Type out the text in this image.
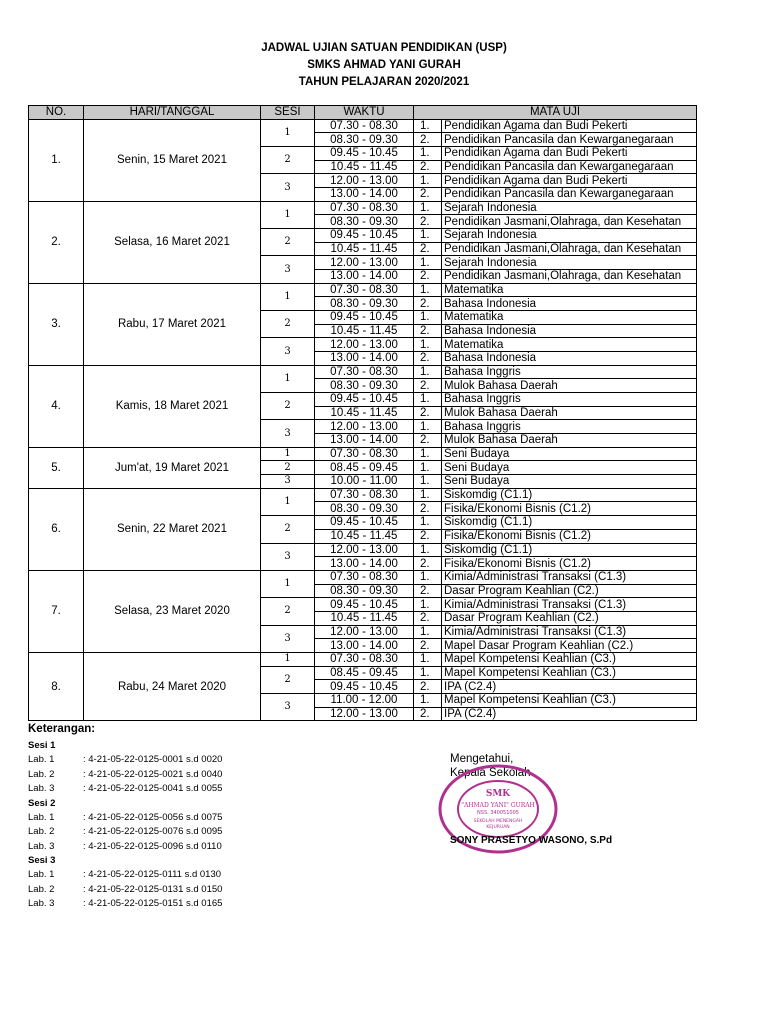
JADWAL UJIAN SATUAN PENDIDIKAN (USP)
SMKS AHMAD YANI GURAH
TAHUN PELAJARAN 2020/2021
NO.	HARI/TANGGAL	SESI	WAKTU	MATA UJI	
1.	Senin, 15 Maret 2021	1	07.30 - 08.30	1.	Pendidikan Agama dan Budi Pekerti
			08.30 - 09.30	2.	Pendidikan Pancasila dan Kewarganegaraan
		2	09.45 - 10.45	1.	Pendidikan Agama dan Budi Pekerti
			10.45 - 11.45	2.	Pendidikan Pancasila dan Kewarganegaraan
		3	12.00 - 13.00	1.	Pendidikan Agama dan Budi Pekerti
			13.00 - 14.00	2.	Pendidikan Pancasila dan Kewarganegaraan
2.	Selasa, 16 Maret 2021	1	07.30 - 08.30	1.	Sejarah Indonesia
			08.30 - 09.30	2.	Pendidikan Jasmani,Olahraga, dan Kesehatan
		2	09.45 - 10.45	1.	Sejarah Indonesia
			10.45 - 11.45	2.	Pendidikan Jasmani,Olahraga, dan Kesehatan
		3	12.00 - 13.00	1.	Sejarah Indonesia
			13.00 - 14.00	2.	Pendidikan Jasmani,Olahraga, dan Kesehatan
3.	Rabu, 17 Maret 2021	1	07.30 - 08.30	1.	Matematika
			08.30 - 09.30	2.	Bahasa Indonesia
		2	09.45 - 10.45	1.	Matematika
			10.45 - 11.45	2.	Bahasa Indonesia
		3	12.00 - 13.00	1.	Matematika
			13.00 - 14.00	2.	Bahasa Indonesia
4.	Kamis, 18 Maret 2021	1	07.30 - 08.30	1.	Bahasa Inggris
			08.30 - 09.30	2.	Mulok Bahasa Daerah
		2	09.45 - 10.45	1.	Bahasa Inggris
			10.45 - 11.45	2.	Mulok Bahasa Daerah
		3	12.00 - 13.00	1.	Bahasa Inggris
			13.00 - 14.00	2.	Mulok Bahasa Daerah
5.	Jum'at, 19 Maret 2021	1	07.30 - 08.30	1.	Seni Budaya
		2	08.45 - 09.45	1.	Seni Budaya
		3	10.00 - 11.00	1.	Seni Budaya
6.	Senin, 22 Maret 2021	1	07.30 - 08.30	1.	Siskomdig (C1.1)
			08.30 - 09.30	2.	Fisika/Ekonomi Bisnis (C1.2)
		2	09.45 - 10.45	1.	Siskomdig (C1.1)
			10.45 - 11.45	2.	Fisika/Ekonomi Bisnis (C1.2)
		3	12.00 - 13.00	1.	Siskomdig (C1.1)
			13.00 - 14.00	2.	Fisika/Ekonomi Bisnis (C1.2)
7.	Selasa, 23 Maret 2020	1	07.30 - 08.30	1.	Kimia/Administrasi Transaksi (C1.3)
			08.30 - 09.30	2.	Dasar Program Keahlian (C2.)
		2	09.45 - 10.45	1.	Kimia/Administrasi Transaksi (C1.3)
			10.45 - 11.45	2.	Dasar Program Keahlian (C2.)
		3	12.00 - 13.00	1.	Kimia/Administrasi Transaksi (C1.3)
			13.00 - 14.00	2.	Mapel Dasar Program Keahlian (C2.)
8.	Rabu, 24 Maret 2020	1	07.30 - 08.30	1.	Mapel Kompetensi Keahlian (C3.)
		2	08.45 - 09.45	1.	Mapel Kompetensi Keahlian (C3.)
			09.45 - 10.45	2.	IPA (C2.4)
		3	11.00 - 12.00	1.	Mapel Kompetensi Keahlian (C3.)
			12.00 - 13.00	2.	IPA (C2.4)
Keterangan:
Sesi 1
Lab. 1	: 4-21-05-22-0125-0001 s.d 0020
Lab. 2	: 4-21-05-22-0125-0021 s.d 0040
Lab. 3	: 4-21-05-22-0125-0041 s.d 0055
Sesi 2
Lab. 1	: 4-21-05-22-0125-0056 s.d 0075
Lab. 2	: 4-21-05-22-0125-0076 s.d 0095
Lab. 3	: 4-21-05-22-0125-0096 s.d 0110
Sesi 3
Lab. 1	: 4-21-05-22-0125-0111 s.d 0130
Lab. 2	: 4-21-05-22-0125-0131 s.d 0150
Lab. 3	: 4-21-05-22-0125-0151 s.d 0165
Mengetahui,
Kepala Sekolah
SMK
"AHMAD YANI" GURAH
NSS. 340051005
SEKOLAH MENENGAH
KEJURUAN
SONY PRASETYO WASONO, S.Pd
